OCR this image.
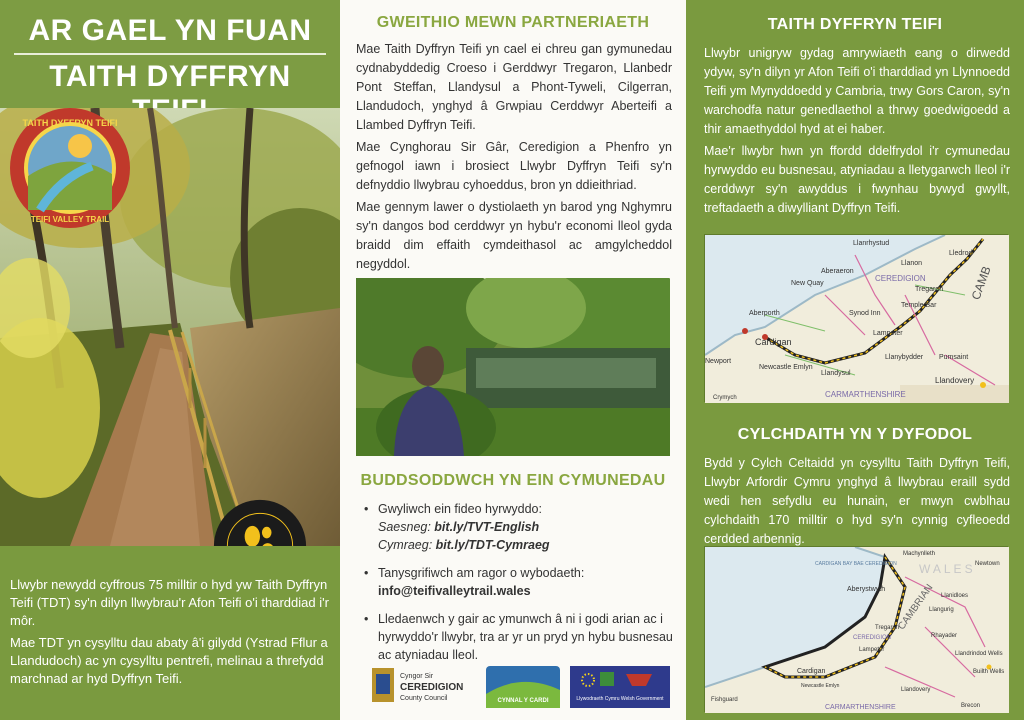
AR GAEL YN FUAN
TAITH DYFFRYN
TAITH DYFFRYN TEIFI
TEIFI VALLEY TRAIL

Llwybr newydd cyffrous 75 milltir o hyd yw Taith Dyffryn Teifi (TDT) sy'n dilyn llwybrau'r Afon Teifi o'i tharddiad i'r môr.

Mae TDT yn cysylltu dau abaty â'i gilydd (Ystrad Fflur a Llandudoch) ac yn cysylltu pentrefi, melinau a threfydd marchnad ar hyd Dyffryn Teifi.

GWEITHIO MEWN PARTNERIAETH

Mae Taith Dyffryn Teifi yn cael ei chreu gan gymunedau cydnabyddedig Croeso i Gerddwyr Tregaron, Llanbedr Pont Steffan, Llandysul a Phont-Tyweli, Cilgerran, Llandudoch, ynghyd â Grwpiau Cerddwyr Aberteifi a Llambed Dyffryn Teifi.

Mae Cynghorau Sir Gâr, Ceredigion a Phenfro yn gefnogol iawn i brosiect Llwybr Dyffryn Teifi sy'n defnyddio llwybrau cyhoeddus, bron yn ddieithriad.

Mae gennym lawer o dystiolaeth yn barod yng Nghymru sy'n dangos bod cerddwyr yn hybu'r economi lleol gyda braidd dim effaith cymdeithasol ac amgylcheddol negyddol.

BUDDSODDWCH YN EIN CYMUNEDAU
• Gwyliwch ein fideo hyrwyddo:
Saesneg: bit.ly/TVT-English
Cymraeg: bit.ly/TDT-Cymraeg
• Tanysgrifiwch am ragor o wybodaeth:
info@teifivalleytrail.wales
• Lledaenwch y gair ac ymunwch â ni i godi arian ac i hyrwyddo'r llwybr, tra ar yr un pryd yn hybu busnesau ac atyniadau lleol.
Cyngor Sir
CEREDIGION
County Council	CYNNAL Y CARDI	Llywodraeth Cymru Welsh Government
TAITH DYFFRYN TEIFI

Llwybr unigryw gydag amrywiaeth eang o dirwedd ydyw, sy'n dilyn yr Afon Teifi o'i tharddiad yn Llynnoedd Teifi ym Mynyddoedd y Cambria, trwy Gors Caron, sy'n warchodfa natur genedlaethol a thrwy goedwigoedd a thir amaethyddol hyd at ei haber.

Mae'r llwybr hwn yn ffordd ddelfrydol i'r cymunedau hyrwyddo eu busnesau, atyniadau a lletygarwch lleol i'r cerddwyr sy'n awyddus i fwynhau bywyd gwyllt, treftadaeth a diwylliant Dyffryn Teifi.

Llanrhystud
Lledrod
Aberaeron
Llanon
New Quay
CEREDIGION
Tregaron
Temple Bar
Aberporth	Synod Inn
Lampeter
Cardigan
Newport
Newcastle Emlyn
Llandysul
Llanybydder Pumsaint
Llandovery
Crymych	CARMARTHENSHIRE
CAMB
CYLCHDAITH YN Y DYFODOL

Bydd y Cylch Celtaidd yn cysylltu Taith Dyffryn Teifi, Llwybr Arfordir Cymru ynghyd â llwybrau eraill sydd wedi hen sefydlu eu hunain, er mwyn cwblhau cylchdaith 170 milltir o hyd sy'n cynnig cyfleoedd cerdded arbennig.

Machynlleth
Newtown
WALES
CARDIGAN BAY BAE CEREDIGION
Aberystwyth
Llanidloes
Llangurig
Rhayader
Tregaron
Llandrindod Wells
Builth Wells
Lampeter
Cardigan
Newcastle Emlyn
Fishguard
Llandovery
Brecon
CARMARTHENSHIRE
CEREDIGION
CAMBRIAN
